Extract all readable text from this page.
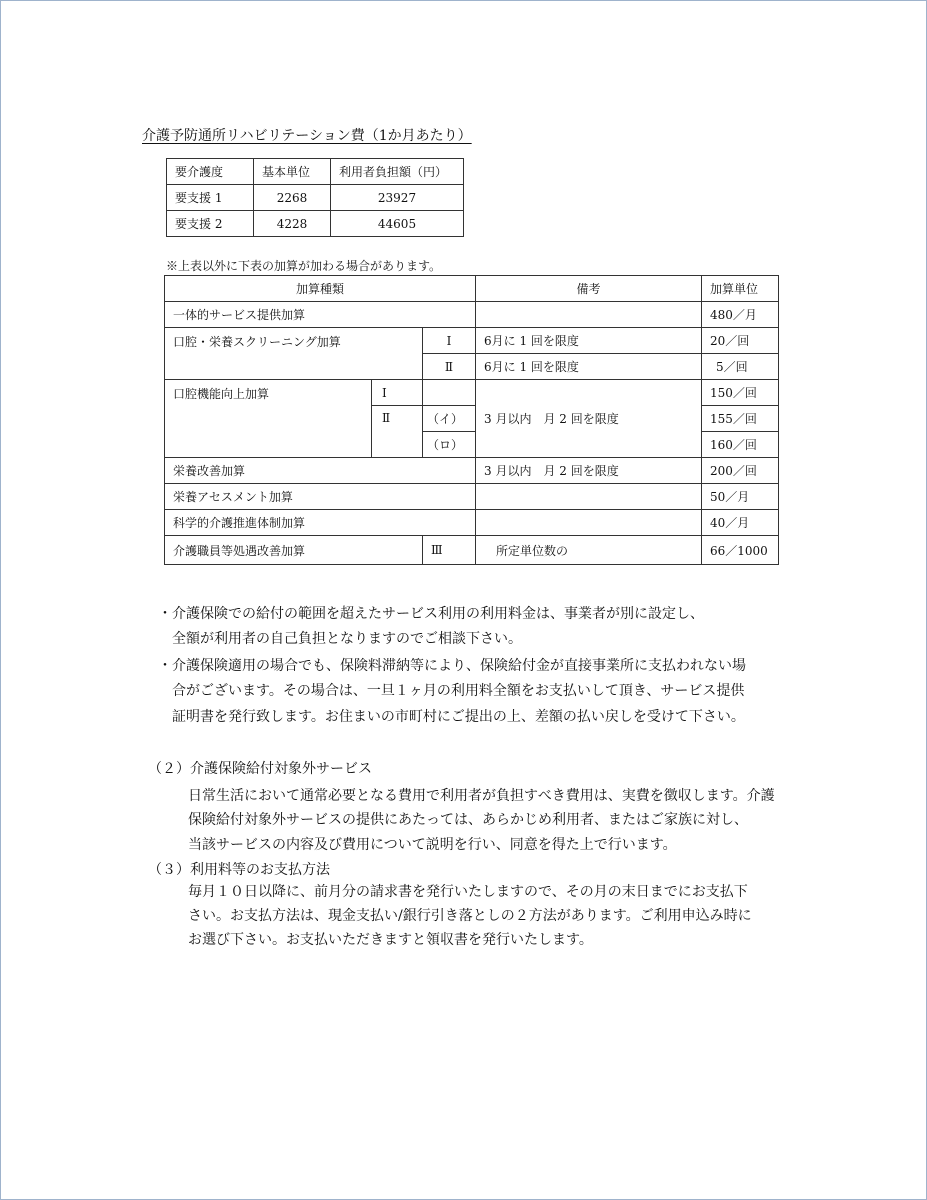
介護予防通所リハビリテーション費（1か月あたり）
要介護度	基本単位	利用者負担額（円）
要支援 1	2268	23927
要支援 2	4228	44605
※上表以外に下表の加算が加わる場合があります。
加算種類			備考	加算単位
一体的サービス提供加算				480／月
口腔・栄養スクリーニング加算		Ⅰ	6月に 1 回を限度	20／回
		Ⅱ	6月に 1 回を限度	5／回
口腔機能向上加算	Ⅰ		3 月以内　月 2 回を限度	150／回
	Ⅱ	（イ）		155／回
		（ロ）		160／回
栄養改善加算			3 月以内　月 2 回を限度	200／回
栄養アセスメント加算				50／月
科学的介護推進体制加算				40／月
介護職員等処遇改善加算		Ⅲ	所定単位数の	66／1000
・介護保険での給付の範囲を超えたサービス利用の利用料金は、事業者が別に設定し、
全額が利用者の自己負担となりますのでご相談下さい。
・介護保険適用の場合でも、保険料滞納等により、保険給付金が直接事業所に支払われない場
合がございます。その場合は、一旦１ヶ月の利用料全額をお支払いして頂き、サービス提供
証明書を発行致します。お住まいの市町村にご提出の上、差額の払い戻しを受けて下さい。
（２）介護保険給付対象外サービス
日常生活において通常必要となる費用で利用者が負担すべき費用は、実費を徴収します。介護
保険給付対象外サービスの提供にあたっては、あらかじめ利用者、またはご家族に対し、
当該サービスの内容及び費用について説明を行い、同意を得た上で行います。
（３）利用料等のお支払方法
毎月１０日以降に、前月分の請求書を発行いたしますので、その月の末日までにお支払下
さい。お支払方法は、現金支払い/銀行引き落としの２方法があります。ご利用申込み時に
お選び下さい。お支払いただきますと領収書を発行いたします。
